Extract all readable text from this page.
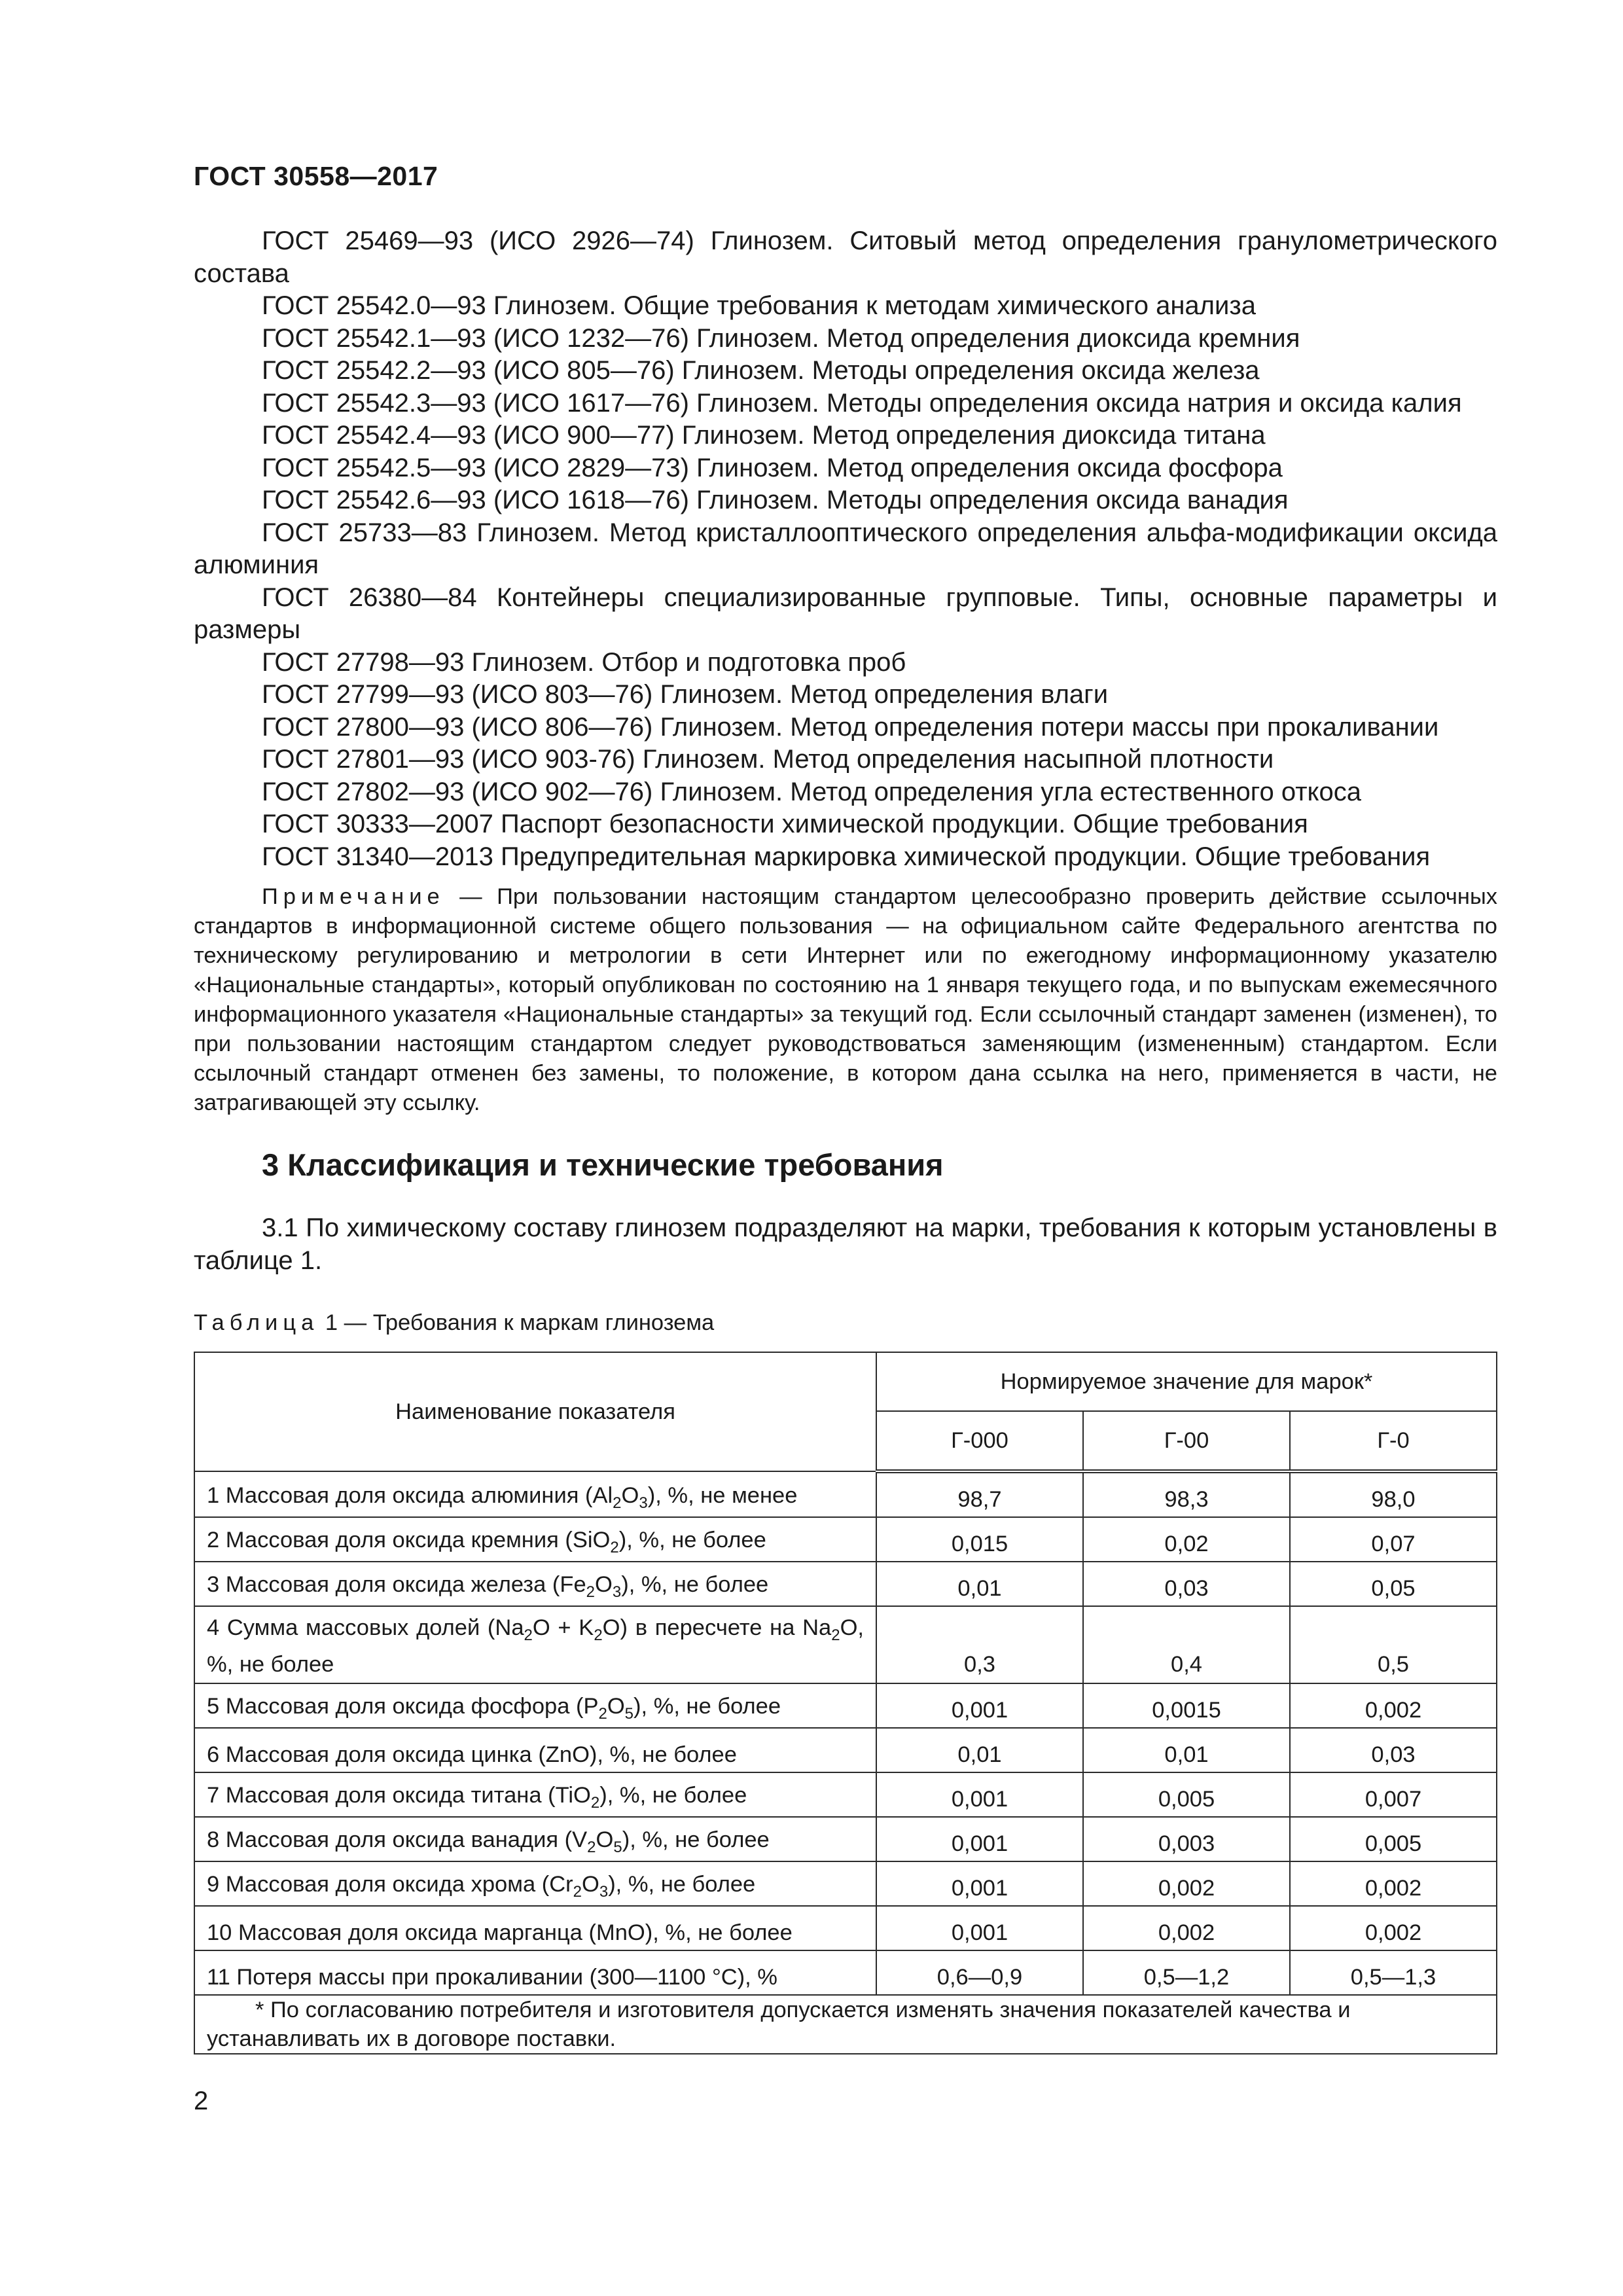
ГОСТ 30558—2017

ГОСТ 25469—93 (ИСО 2926—74) Глинозем. Ситовый метод определения гранулометрического состава

ГОСТ 25542.0—93 Глинозем. Общие требования к методам химического анализа

ГОСТ 25542.1—93 (ИСО 1232—76) Глинозем. Метод определения диоксида кремния

ГОСТ 25542.2—93 (ИСО 805—76) Глинозем. Методы определения оксида железа

ГОСТ 25542.3—93 (ИСО 1617—76) Глинозем. Методы определения оксида натрия и оксида калия

ГОСТ 25542.4—93 (ИСО 900—77) Глинозем. Метод определения диоксида титана

ГОСТ 25542.5—93 (ИСО 2829—73) Глинозем. Метод определения оксида фосфора

ГОСТ 25542.6—93 (ИСО 1618—76) Глинозем. Методы определения оксида ванадия

ГОСТ 25733—83 Глинозем. Метод кристаллооптического определения альфа-модификации оксида алюминия

ГОСТ 26380—84 Контейнеры специализированные групповые. Типы, основные параметры и размеры

ГОСТ 27798—93 Глинозем. Отбор и подготовка проб

ГОСТ 27799—93 (ИСО 803—76) Глинозем. Метод определения влаги

ГОСТ 27800—93 (ИСО 806—76) Глинозем. Метод определения потери массы при прокаливании

ГОСТ 27801—93 (ИСО 903-76) Глинозем. Метод определения насыпной плотности

ГОСТ 27802—93 (ИСО 902—76) Глинозем. Метод определения угла естественного откоса

ГОСТ 30333—2007 Паспорт безопасности химической продукции. Общие требования

ГОСТ 31340—2013 Предупредительная маркировка химической продукции. Общие требования

Примечание — При пользовании настоящим стандартом целесообразно проверить действие ссылочных стандартов в информационной системе общего пользования — на официальном сайте Федерального агентства по техническому регулированию и метрологии в сети Интернет или по ежегодному информационному указателю «Национальные стандарты», который опубликован по состоянию на 1 января текущего года, и по выпускам ежемесячного информационного указателя «Национальные стандарты» за текущий год. Если ссылочный стандарт заменен (изменен), то при пользовании настоящим стандартом следует руководствоваться заменяющим (измененным) стандартом. Если ссылочный стандарт отменен без замены, то положение, в котором дана ссылка на него, применяется в части, не затрагивающей эту ссылку.

3 Классификация и технические требования

3.1 По химическому составу глинозем подразделяют на марки, требования к которым установлены в таблице 1.

Таблица 1 — Требования к маркам глинозема
Наименование показателя	Нормируемое значение для марок*		
	Г-000	Г-00	Г-0
1 Массовая доля оксида алюминия $(Al_2O_3)$, %, не менее	98,7	98,3	98,0
2 Массовая доля оксида кремния (SiO$_2$), %, не более	0,015	0,02	0,07
3 Массовая доля оксида железа $(Fe_2O_3)$, %, не более	0,01	0,03	0,05
4 Сумма массовых долей $(Na_2O + K_2O)$ в пересчете на $Na_2O$, %, не более	0,3	0,4	0,5
5 Массовая доля оксида фосфора $(P_2O_5)$, %, не более	0,001	0,0015	0,002
6 Массовая доля оксида цинка (ZnO), %, не более	0,01	0,01	0,03
7 Массовая доля оксида титана (TiO$_2$), %, не более	0,001	0,005	0,007
8 Массовая доля оксида ванадия $(V_2O_5)$, %, не более	0,001	0,003	0,005
9 Массовая доля оксида хрома $(Cr_2O_3)$, %, не более	0,001	0,002	0,002
10 Массовая доля оксида марганца (MnO), %, не более	0,001	0,002	0,002
11 Потеря массы при прокаливании (300—1100 °С), %	0,6—0,9	0,5—1,2	0,5—1,3
* По согласованию потребителя и изготовителя допускается изменять значения показателей качества и устанавливать их в договоре поставки.			
2
